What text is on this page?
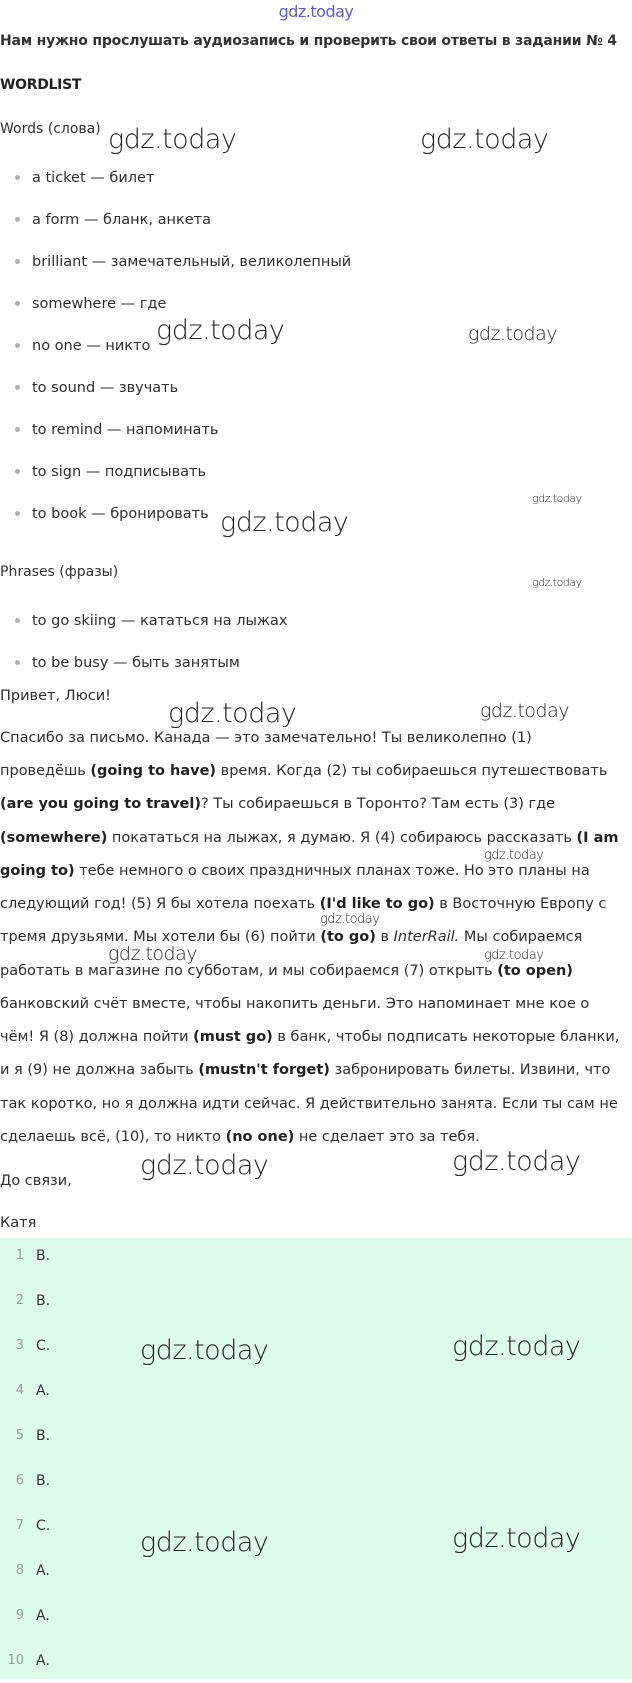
gdz.today
Нам нужно прослушать аудиозапись и проверить свои ответы в задании № 4
WORDLIST
Words (слова)
a ticket — билет
a form — бланк, анкета
brilliant — замечательный, великолепный
somewhere — где
no one — никто
to sound — звучать
to remind — напоминать
to sign — подписывать
to book — бронировать
Phrases (фразы)
to go skiing — кататься на лыжах
to be busy — быть занятым
Привет, Люси!
Спасибо за письмо. Канада — это замечательно! Ты великолепно (1)
проведёшь (going to have) время. Когда (2) ты собираешься путешествовать
(are you going to travel)? Ты собираешься в Торонто? Там есть (3) где
(somewhere) покататься на лыжах, я думаю. Я (4) собираюсь рассказать (I am
going to) тебе немного о своих праздничных планах тоже. Но это планы на
следующий год! (5) Я бы хотела поехать (I'd like to go) в Восточную Европу с
тремя друзьями. Мы хотели бы (6) пойти (to go) в InterRail. Мы собираемся
работать в магазине по субботам, и мы собираемся (7) открыть (to open)
банковский счёт вместе, чтобы накопить деньги. Это напоминает мне кое о
чём! Я (8) должна пойти (must go) в банк, чтобы подписать некоторые бланки,
и я (9) не должна забыть (mustn't forget) забронировать билеты. Извини, что
так коротко, но я должна идти сейчас. Я действительно занята. Если ты сам не
сделаешь всё, (10), то никто (no one) не сделает это за тебя.
До связи,
Катя
1 B.
2 B.
3 C.
4 A.
5 B.
6 B.
7 C.
8 A.
9 A.
10 A.
gdz.today	gdz.today
gdz.today	gdz.today
gdz.today
gdz.today
gdz.today
gdz.today	gdz.today
gdz.today
gdz.today
gdz.today	gdz.today
gdz.today	gdz.today
gdz.today	gdz.today
gdz.today	gdz.today
